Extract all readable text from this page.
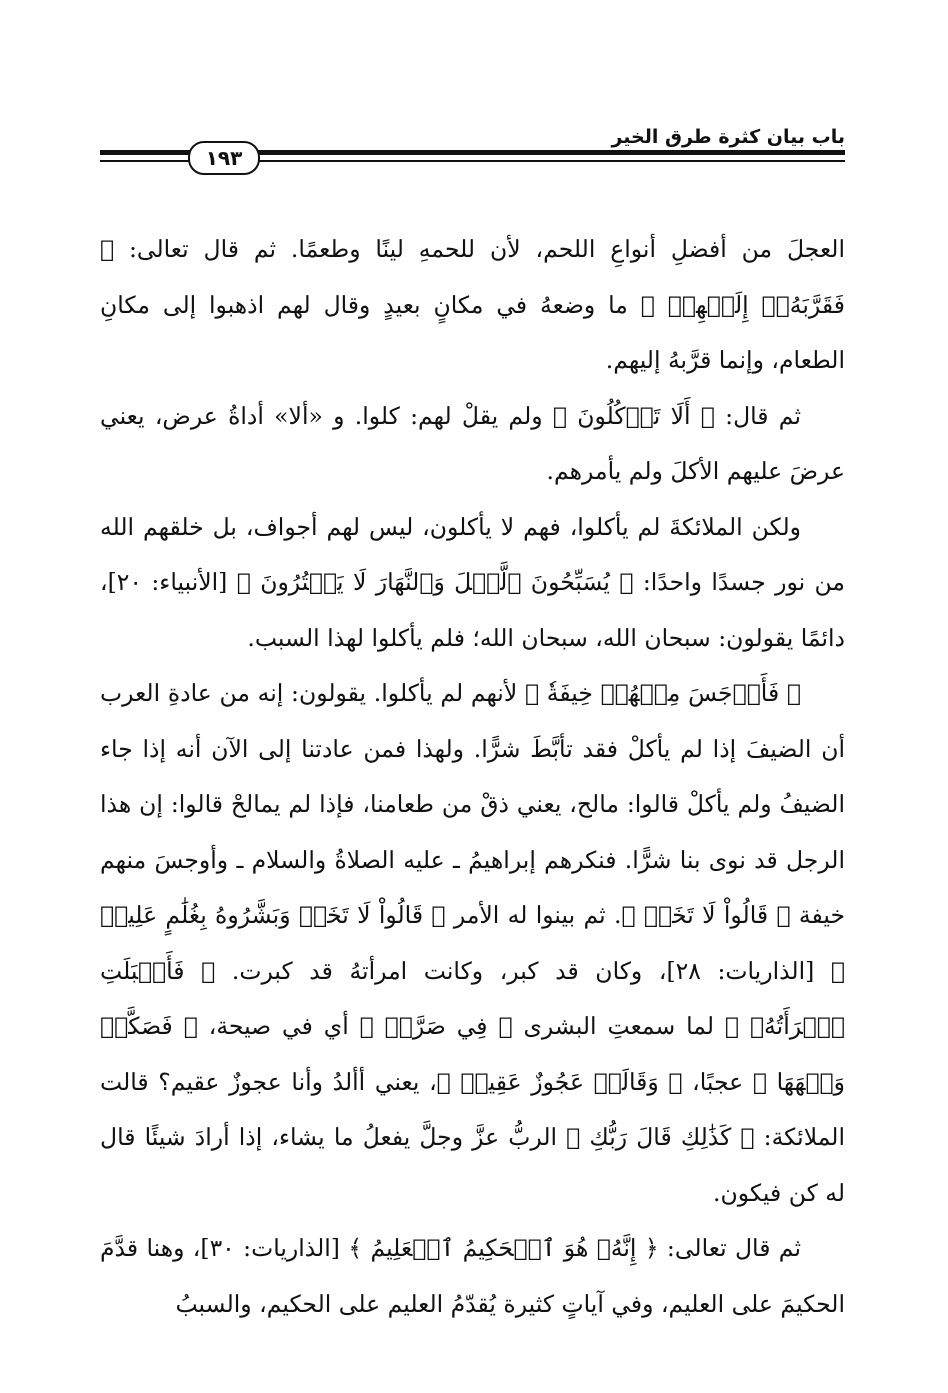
باب بيان كثرة طرق الخير
١٩٣

العجلَ من أفضلِ أنواعِ اللحم، لأن للحمهِ لينًا وطعمًا. ثم قال تعالى: ﴿ فَقَرَّبَهُۥٓ إِلَيۡهِمۡ ﴾ ما وضعهُ في مكانٍ بعيدٍ وقال لهم اذهبوا إلى مكانِ الطعام، وإنما قرَّبهُ إليهم.

ثم قال: ﴿ أَلَا تَأۡكُلُونَ ﴾ ولم يقلْ لهم: كلوا. و «ألا» أداةُ عرض، يعني عرضَ عليهم الأكلَ ولم يأمرهم.

ولكن الملائكةَ لم يأكلوا، فهم لا يأكلون، ليس لهم أجواف، بل خلقهم الله من نور جسدًا واحدًا: ﴿ يُسَبِّحُونَ ٱلَّيۡلَ وَٱلنَّهَارَ لَا يَفۡتُرُونَ ﴾ [الأنبياء: ٢٠]، دائمًا يقولون: سبحان الله، سبحان الله؛ فلم يأكلوا لهذا السبب.

﴿ فَأَوۡجَسَ مِنۡهُمۡ خِيفَةٗ ﴾ لأنهم لم يأكلوا. يقولون: إنه من عادةِ العرب أن الضيفَ إذا لم يأكلْ فقد تأبَّطَ شرًّا. ولهذا فمن عادتنا إلى الآن أنه إذا جاء الضيفُ ولم يأكلْ قالوا: مالح، يعني ذقْ من طعامنا، فإذا لم يمالحْ قالوا: إن هذا الرجل قد نوى بنا شرًّا. فنكرهم إبراهيمُ ـ عليه الصلاةُ والسلام ـ وأوجسَ منهم خيفة ﴿ قَالُواْ لَا تَخَفۡ ﴾. ثم بينوا له الأمر ﴿ قَالُواْ لَا تَخَفۡ وَبَشَّرُوهُ بِغُلَٰمٍ عَلِيمٖ ﴾ [الذاريات: ٢٨]، وكان قد كبر، وكانت امرأتهُ قد كبرت. ﴿ فَأَقۡبَلَتِ ٱمۡرَأَتُهُۥ ﴾ لما سمعتِ البشرى ﴿ فِي صَرَّةٖ ﴾ أي في صيحة، ﴿ فَصَكَّتۡ وَجۡهَهَا ﴾ عجبًا، ﴿ وَقَالَتۡ عَجُوزٌ عَقِيمٞ ﴾، يعني أألدُ وأنا عجوزٌ عقيم؟ قالت الملائكة: ﴿ كَذَٰلِكِ قَالَ رَبُّكِ ﴾ الربُّ عزَّ وجلَّ يفعلُ ما يشاء، إذا أرادَ شيئًا قال له كن فيكون.

ثم قال تعالى: ﴿ إِنَّهُۥ هُوَ ٱلۡحَكِيمُ ٱلۡعَلِيمُ ﴾ [الذاريات: ٣٠]، وهنا قدَّمَ الحكيمَ على العليم، وفي آياتٍ كثيرة يُقدّمُ العليم على الحكيم، والسببُ
